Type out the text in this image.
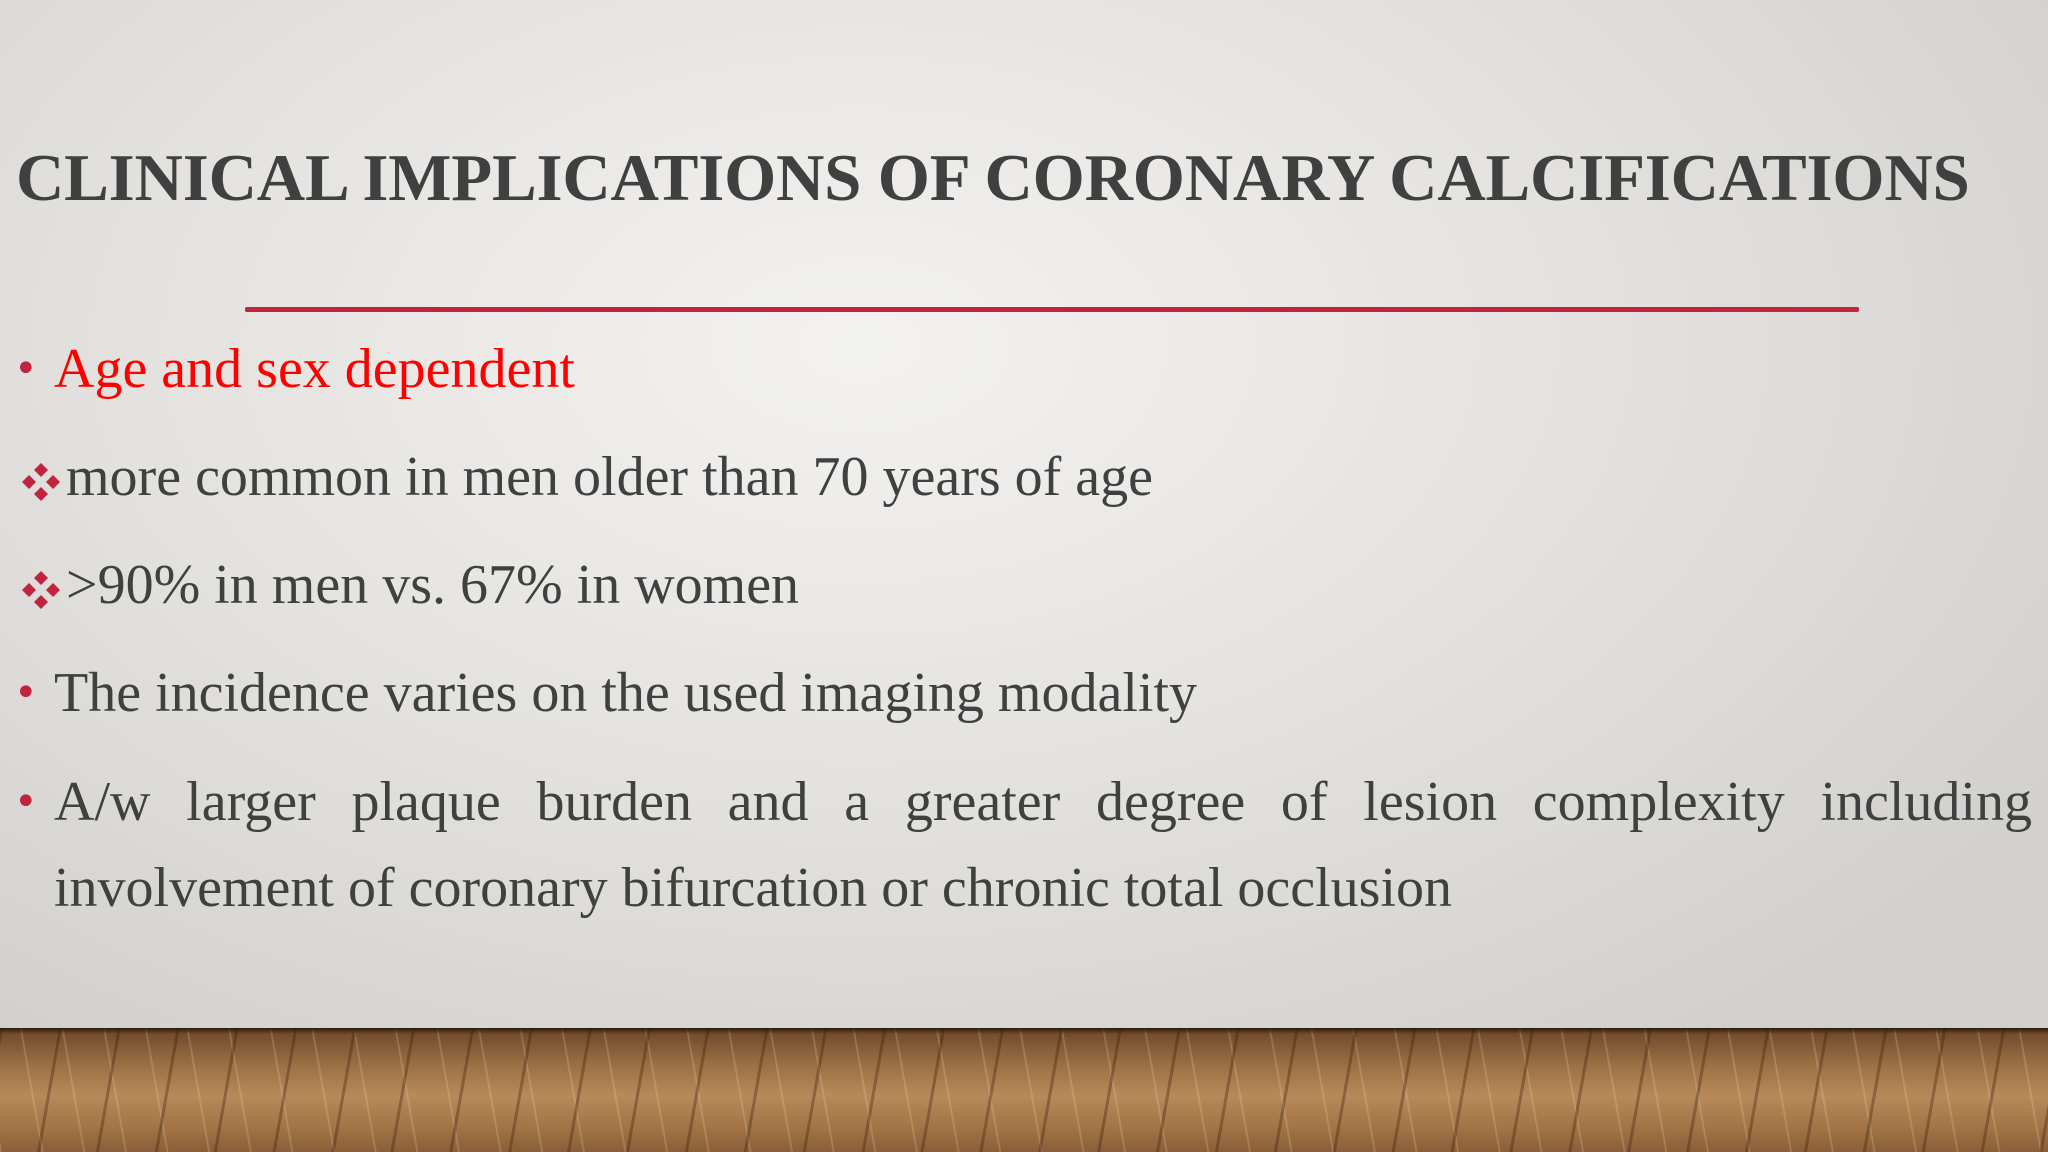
CLINICAL IMPLICATIONS OF CORONARY CALCIFICATIONS
• Age and sex dependent
more common in men older than 70 years of age
>90% in men vs. 67% in women
• The incidence varies on the used imaging modality
• A/w larger plaque burden and a greater degree of lesion complexity including involvement of coronary bifurcation or chronic total occlusion
